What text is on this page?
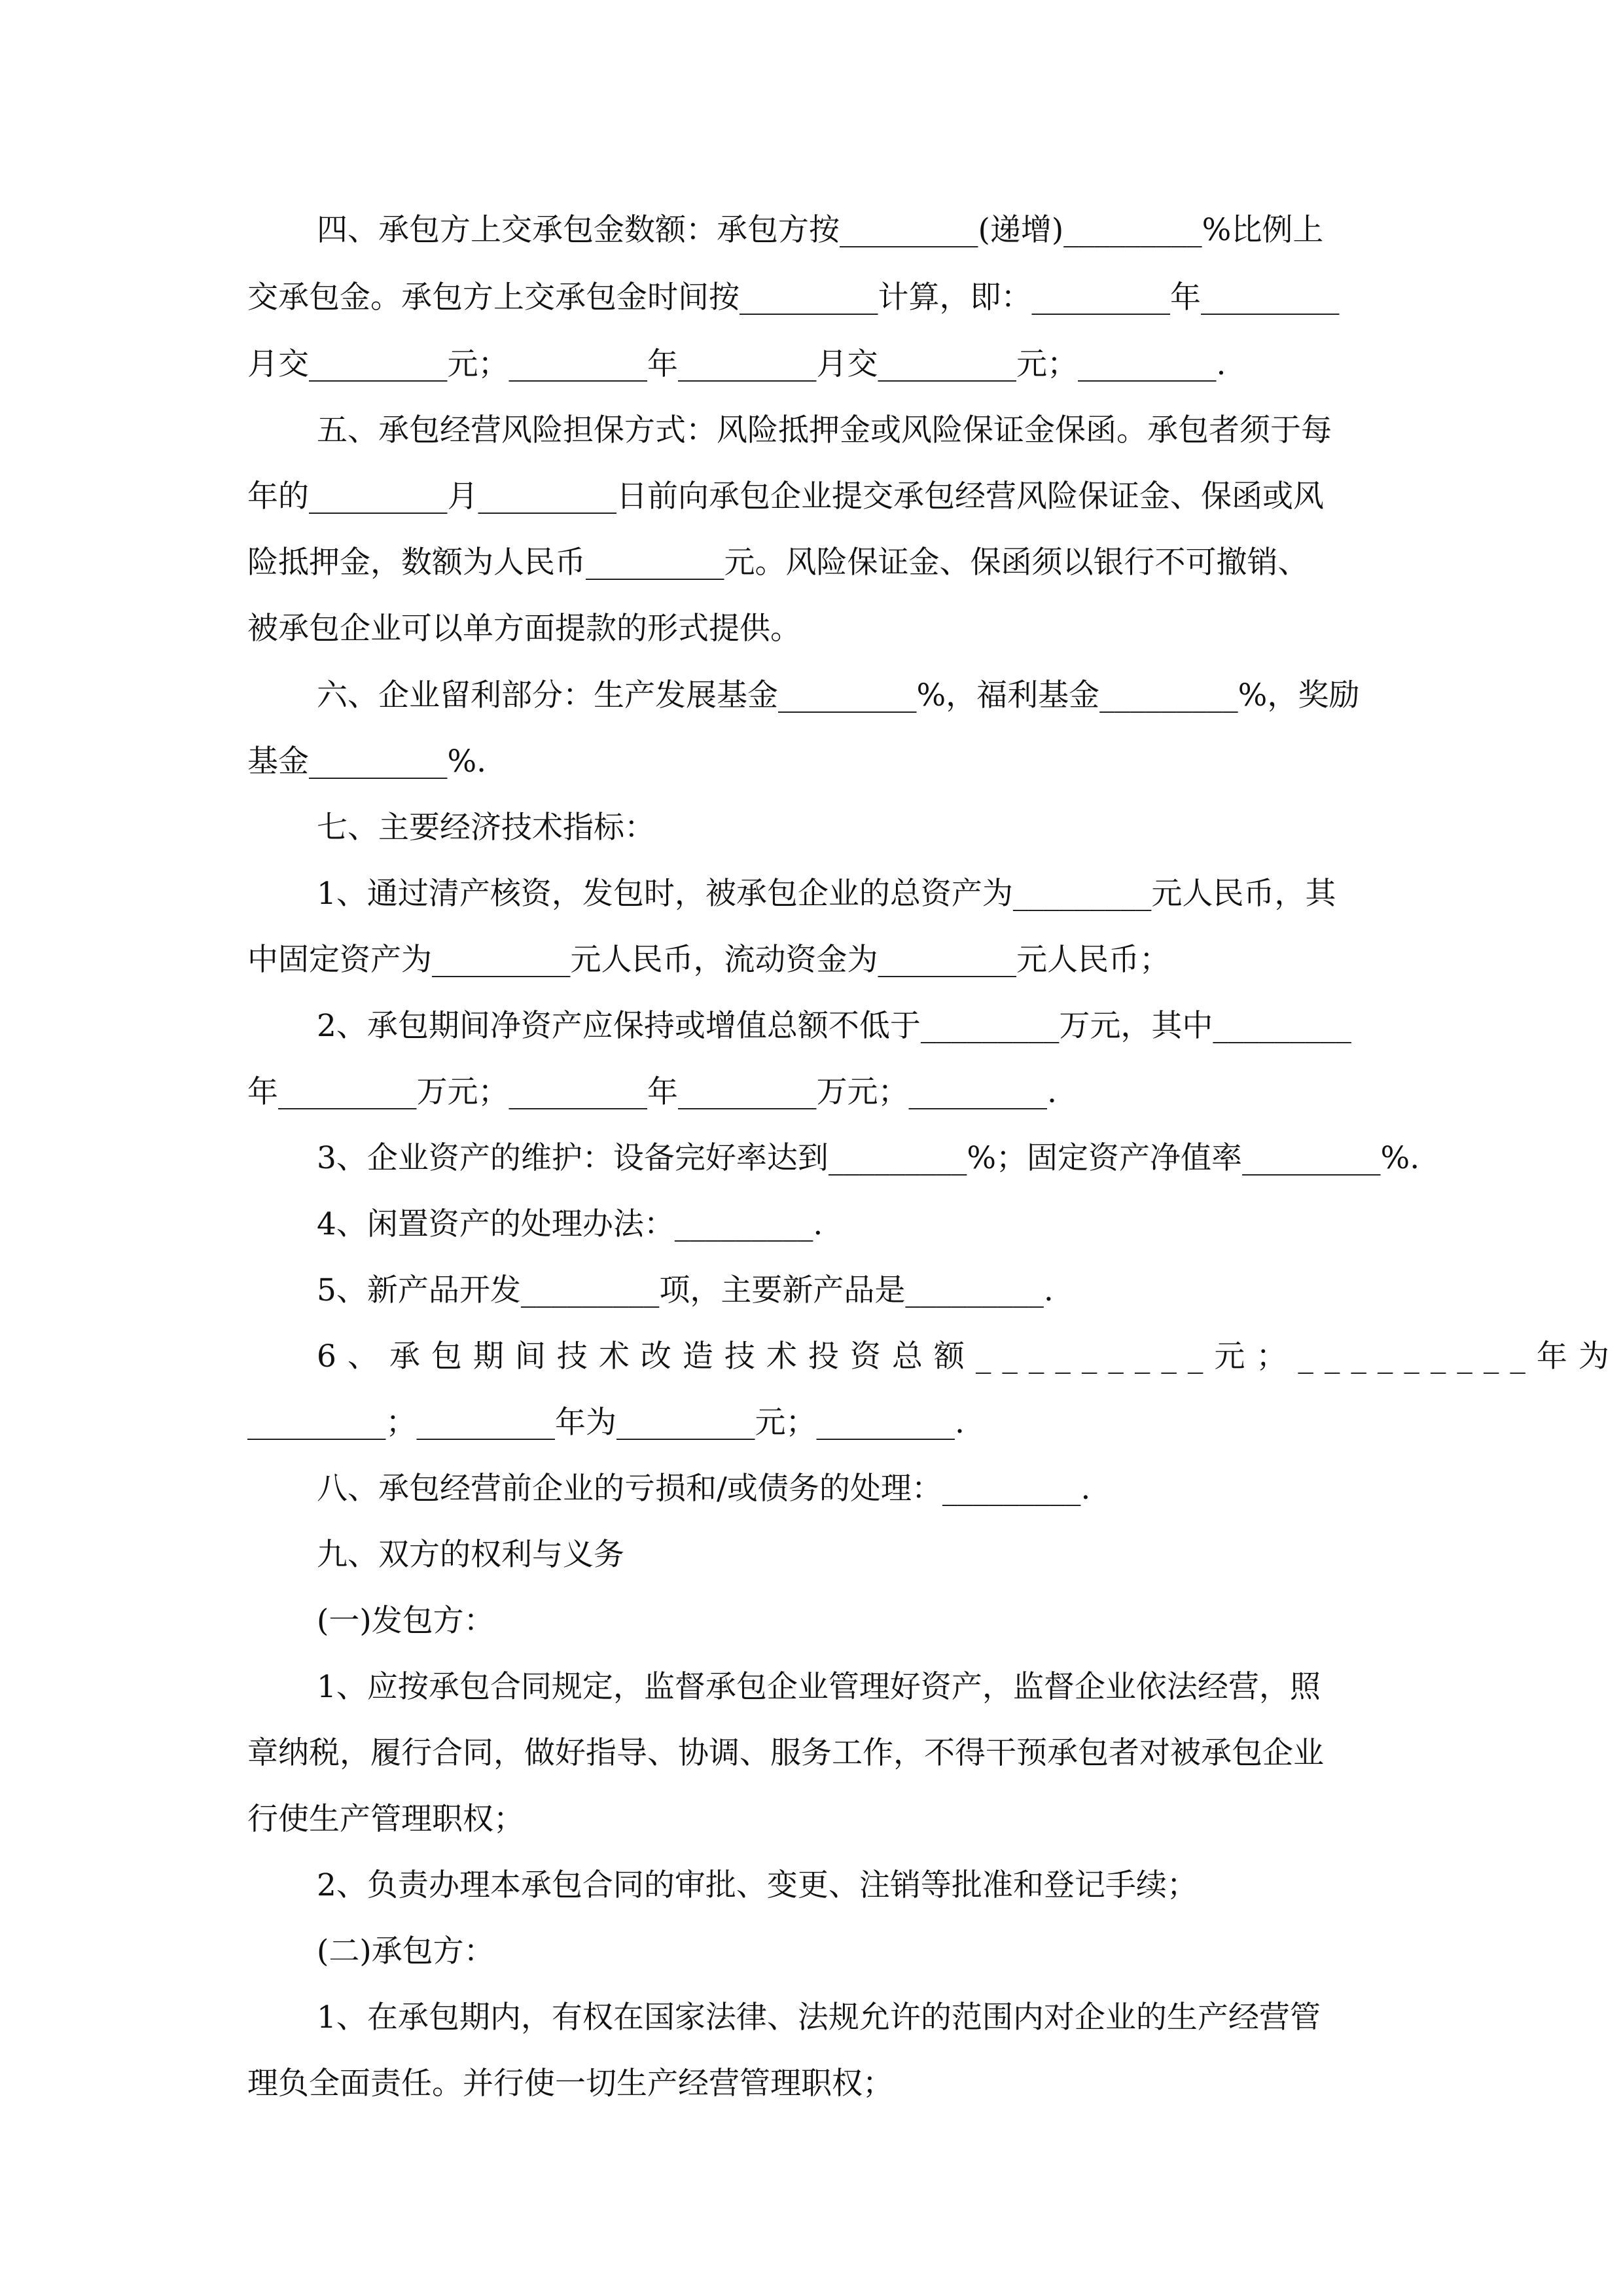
四、承包方上交承包金数额：承包方按_________(递增)_________%比例上
交承包金。承包方上交承包金时间按_________计算，即：_________年_________
月交_________元；_________年_________月交_________元；_________.
五、承包经营风险担保方式：风险抵押金或风险保证金保函。承包者须于每
年的_________月_________日前向承包企业提交承包经营风险保证金、保函或风
险抵押金，数额为人民币_________元。风险保证金、保函须以银行不可撤销、
被承包企业可以单方面提款的形式提供。
六、企业留利部分：生产发展基金_________%，福利基金_________%，奖励
基金_________%.
七、主要经济技术指标：
1、通过清产核资，发包时，被承包企业的总资产为_________元人民币，其
中固定资产为_________元人民币，流动资金为_________元人民币；
2、承包期间净资产应保持或增值总额不低于_________万元，其中_________
年_________万元；_________年_________万元；_________.
3、企业资产的维护：设备完好率达到_________%；固定资产净值率_________%.
4、闲置资产的处理办法：_________.
5、新产品开发_________项，主要新产品是_________.
6、承包期间技术改造技术投资总额_________元；_________年为
_________；_________年为_________元；_________.
八、承包经营前企业的亏损和/或债务的处理：_________.
九、双方的权利与义务
(一)发包方：
1、应按承包合同规定，监督承包企业管理好资产，监督企业依法经营，照
章纳税，履行合同，做好指导、协调、服务工作，不得干预承包者对被承包企业
行使生产管理职权；
2、负责办理本承包合同的审批、变更、注销等批准和登记手续；
(二)承包方：
1、在承包期内，有权在国家法律、法规允许的范围内对企业的生产经营管
理负全面责任。并行使一切生产经营管理职权；
